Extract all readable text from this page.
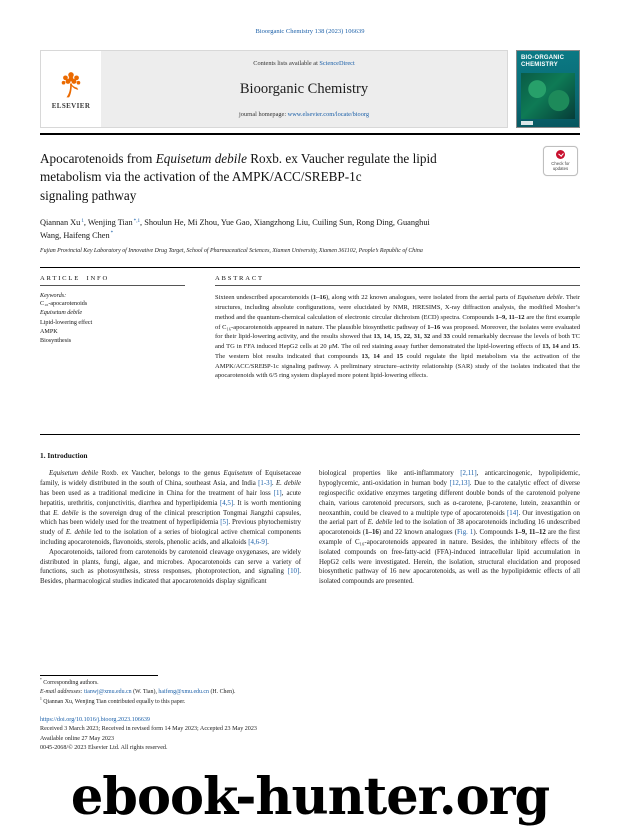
Bioorganic Chemistry 138 (2023) 106639
ELSEVIER
Contents lists available at ScienceDirect
Bioorganic Chemistry
journal homepage: www.elsevier.com/locate/bioorg
BIO-ORGANIC
CHEMISTRY
Apocarotenoids from Equisetum debile Roxb. ex Vaucher regulate the lipid
metabolism via the activation of the AMPK/ACC/SREBP-1c
signaling pathway
Check for updates
Qiannan Xu$^1$, Wenjing Tian$^{*,1}$, Shoulun He, Mi Zhou, Yue Gao, Xiangzhong Liu, Cuiling Sun, Rong Ding, Guanghui Wang, Haifeng Chen*
Fujian Provincial Key Laboratory of Innovative Drug Target, School of Pharmaceutical Sciences, Xiamen University, Xiamen 361102, People’s Republic of China
ARTICLE INFO
Keywords:
C₁₆-apocarotenoids
Equisetum debile
Lipid-lowering effect
AMPK
Biosynthesis
ABSTRACT
Sixteen undescribed apocarotenoids (1–16), along with 22 known analogues, were isolated from the aerial parts of Equisetum debile. Their structures, including absolute configurations, were elucidated by NMR, HRESIMS, X-ray diffraction analysis, the modified Mosher’s method and the quantum-chemical calculation of electronic circular dichroism (ECD) spectra. Compounds 1–9, 11–12 are the first example of C₁₆-apocarotenoids appeared in nature. The plausible biosynthetic pathway of 1–16 was proposed. Moreover, the isolates were evaluated for their lipid-lowering activity, and the results showed that 13, 14, 15, 22, 31, 32 and 33 could remarkably decrease the levels of both TC and TG in FFA induced HepG2 cells at 20 μM. The oil red staining assay further demonstrated the lipid-lowering effects of 13, 14 and 15. The western blot results indicated that compounds 13, 14 and 15 could regulate the lipid metabolism via the activation of the AMPK/ACC/SREBP-1c signaling pathway. A preliminary structure–activity relationship (SAR) study of the isolates indicated that the apocarotenoids with 6/5 ring system displayed more potent lipid-lowering effects.
1. Introduction

Equisetum debile Roxb. ex Vaucher, belongs to the genus Equisetum of Equisetaceae family, is widely distributed in the south of China, southeast Asia, and India [1-3]. E. debile has been used as a traditional medicine in China for the treatment of hair loss [1], acute hepatitis, urethritis, conjunctivitis, diarrhea and hyperlipidemia [4,5]. It is worth mentioning that E. debile is the sovereign drug of the clinical prescription Tongmai Jiangzhi capsules, which has been widely used for the treatment of hyperlipidemia [5]. Previous phytochemistry study of E. debile led to the isolation of a series of biological active chemical components including apocarotenoids, flavonoids, sterols, phenolic acids, and alkaloids [4,6-9].

Apocarotenoids, tailored from carotenoids by carotenoid cleavage oxygenases, are widely distributed in plants, fungi, algae, and microbes. Apocarotenoids can serve a variety of functions, such as photosynthesis, stress responses, photoprotection, and signaling [10]. Besides, pharmacological studies indicated that apocarotenoids display significant

biological properties like anti-inflammatory [2,11], anticarcinogenic, hypolipidemic, hypoglycemic, anti-oxidation in human body [12,13]. Due to the catalytic effect of diverse regiospecific oxidative enzymes targeting different double bonds of the carotenoid polyene chain, various carotenoid precursors, such as α-carotene, β-carotene, lutein, zeaxanthin or neoxanthin, could be cleaved to a multiple type of apocarotenoids [14]. Our investigation on the aerial part of E. debile led to the isolation of 38 apocarotenoids including 16 undescribed apocarotenoids (1–16) and 22 known analogues (Fig. 1). Compounds 1–9, 11–12 are the first example of C₁₆-apocarotenoids appeared in nature. Besides, the inhibitory effects of the isolated compounds on free-fatty-acid (FFA)-induced intracellular lipid accumulation in HepG2 cells were investigated. Herein, the isolation, structural elucidation and proposed biosynthetic pathway of 16 new apocarotenoids, as well as the hypolipidemic effects of all isolated compounds are presented.

* Corresponding authors.
E-mail addresses: tianwj@xmu.edu.cn (W. Tian), haifeng@xmu.edu.cn (H. Chen).
$^1$ Qiannan Xu, Wenjing Tian contributed equally to this paper.
https://doi.org/10.1016/j.bioorg.2023.106639
Received 3 March 2023; Received in revised form 14 May 2023; Accepted 23 May 2023
Available online 27 May 2023
0045-2068/© 2023 Elsevier Ltd. All rights reserved.
ebook-hunter.org
